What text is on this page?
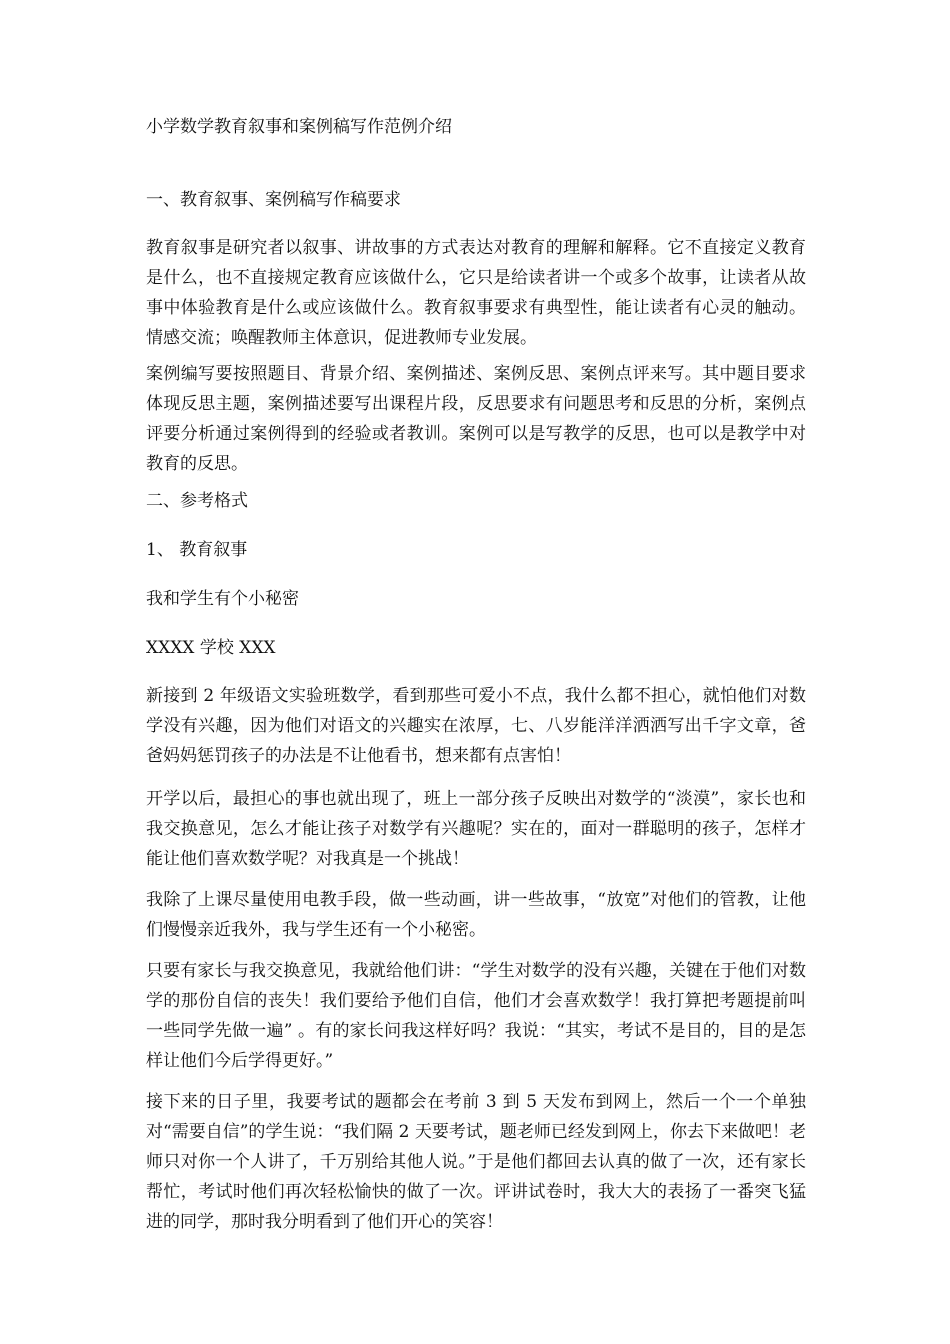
小学数学教育叙事和案例稿写作范例介绍

一、教育叙事、案例稿写作稿要求

教育叙事是研究者以叙事、讲故事的方式表达对教育的理解和解释。它不直接定义教育是什么，也不直接规定教育应该做什么，它只是给读者讲一个或多个故事，让读者从故事中体验教育是什么或应该做什么。教育叙事要求有典型性，能让读者有心灵的触动。情感交流；唤醒教师主体意识，促进教师专业发展。

案例编写要按照题目、背景介绍、案例描述、案例反思、案例点评来写。其中题目要求体现反思主题，案例描述要写出课程片段，反思要求有问题思考和反思的分析，案例点评要分析通过案例得到的经验或者教训。案例可以是写教学的反思，也可以是教学中对教育的反思。

二、参考格式

1、 教育叙事

我和学生有个小秘密

XXXX 学校 XXX

新接到 2 年级语文实验班数学，看到那些可爱小不点，我什么都不担心，就怕他们对数学没有兴趣，因为他们对语文的兴趣实在浓厚，七、八岁能洋洋洒洒写出千字文章，爸爸妈妈惩罚孩子的办法是不让他看书，想来都有点害怕！

开学以后，最担心的事也就出现了，班上一部分孩子反映出对数学的“淡漠”，家长也和我交换意见，怎么才能让孩子对数学有兴趣呢？实在的，面对一群聪明的孩子，怎样才能让他们喜欢数学呢？对我真是一个挑战！

我除了上课尽量使用电教手段，做一些动画，讲一些故事，“放宽”对他们的管教，让他们慢慢亲近我外，我与学生还有一个小秘密。

只要有家长与我交换意见，我就给他们讲：“学生对数学的没有兴趣，关键在于他们对数学的那份自信的丧失！我们要给予他们自信，他们才会喜欢数学！我打算把考题提前叫一些同学先做一遍” 。有的家长问我这样好吗？我说：“其实，考试不是目的，目的是怎样让他们今后学得更好。”

接下来的日子里，我要考试的题都会在考前 3 到 5 天发布到网上，然后一个一个单独对“需要自信”的学生说：“我们隔 2 天要考试，题老师已经发到网上，你去下来做吧！老师只对你一个人讲了，千万别给其他人说。”于是他们都回去认真的做了一次，还有家长帮忙，考试时他们再次轻松愉快的做了一次。评讲试卷时，我大大的表扬了一番突飞猛进的同学，那时我分明看到了他们开心的笑容！
